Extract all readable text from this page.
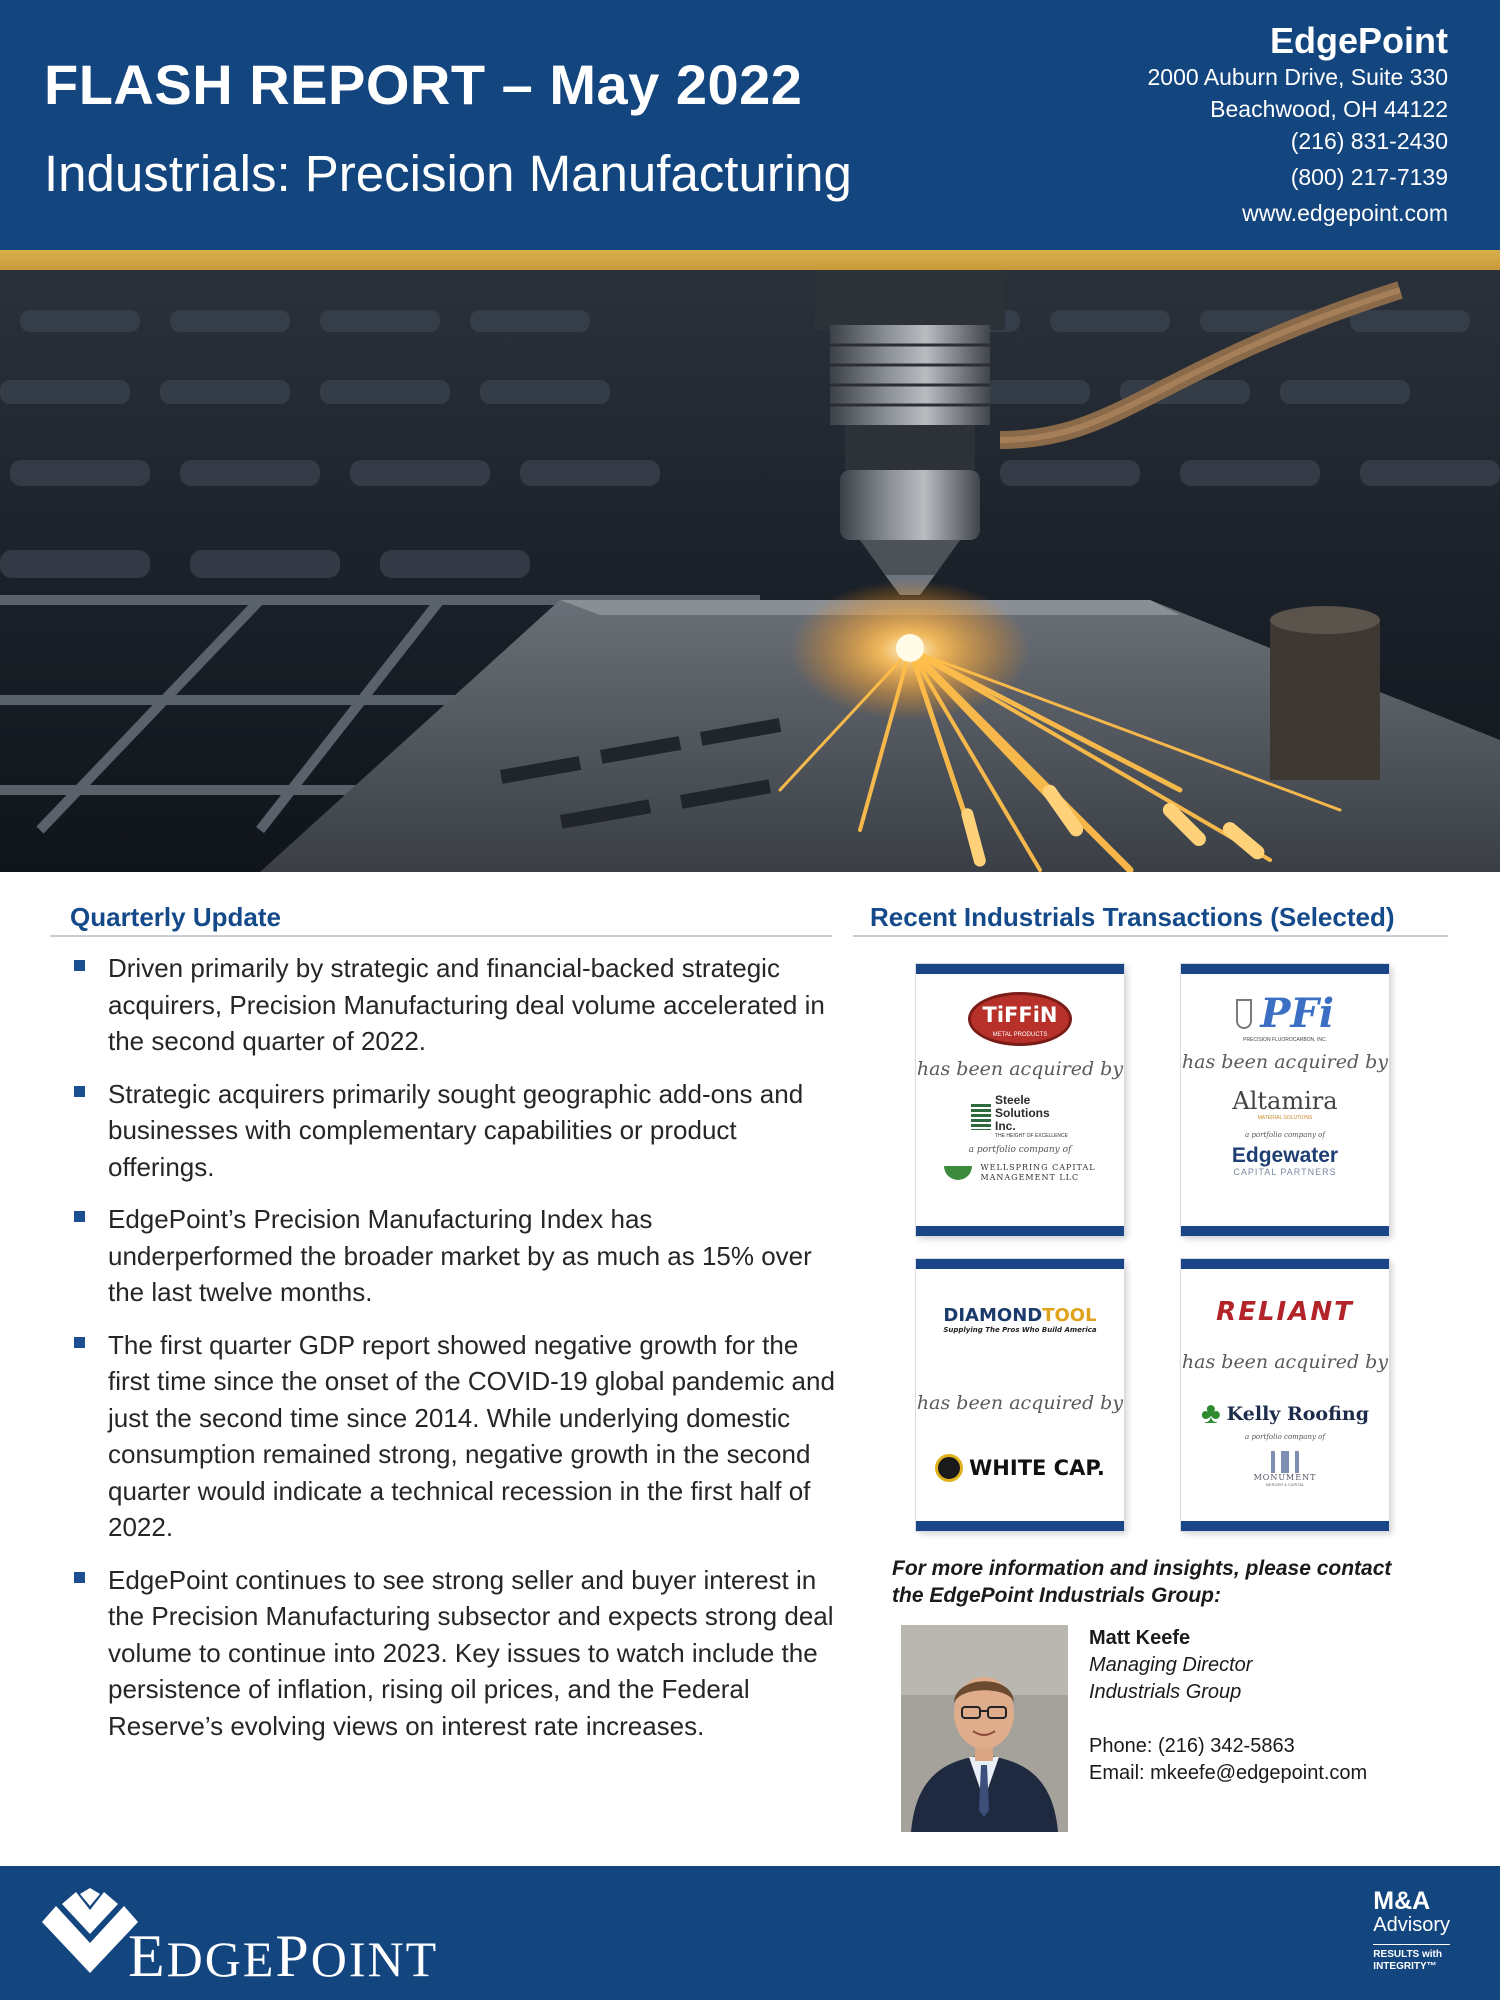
FLASH REPORT – May 2022
Industrials: Precision Manufacturing
EdgePoint
2000 Auburn Drive, Suite 330
Beachwood, OH 44122
(216) 831-2430
(800) 217-7139
www.edgepoint.com
Quarterly Update
Driven primarily by strategic and financial-backed strategic acquirers, Precision Manufacturing deal volume accelerated in the second quarter of 2022.
Strategic acquirers primarily sought geographic add-ons and businesses with complementary capabilities or product offerings.
EdgePoint’s Precision Manufacturing Index has underperformed the broader market by as much as 15% over the last twelve months.
The first quarter GDP report showed negative growth for the first time since the onset of the COVID-19 global pandemic and just the second time since 2014. While underlying domestic consumption remained strong, negative growth in the second quarter would indicate a technical recession in the first half of 2022.
EdgePoint continues to see strong seller and buyer interest in the Precision Manufacturing subsector and expects strong deal volume to continue into 2023. Key issues to watch include the persistence of inflation, rising oil prices, and the Federal Reserve’s evolving views on interest rate increases.
Recent Industrials Transactions (Selected)
TiFFiN
METAL PRODUCTS
has been acquired by
Steele Solutions Inc.
THE HEIGHT OF EXCELLENCE
a portfolio company of
WELLSPRING CAPITAL
MANAGEMENT LLC
PFi
PRECISION FLUOROCARBON, INC.
has been acquired by
Altamira
MATERIAL SOLUTIONS
a portfolio company of
Edgewater
CAPITAL PARTNERS
DIAMONDTOOL
Supplying The Pros Who Build America
has been acquired by
WHITE CAP.
RELIANT
has been acquired by
♣ Kelly Roofing
a portfolio company of
MONUMENT
MERGER & CAPITAL
For more information and insights, please contact
the EdgePoint Industrials Group:
Matt Keefe
Managing Director
Industrials Group
Phone: (216) 342-5863
Email: mkeefe@edgepoint.com
EDGEPOINT
M&A
Advisory
RESULTS with
INTEGRITY™
